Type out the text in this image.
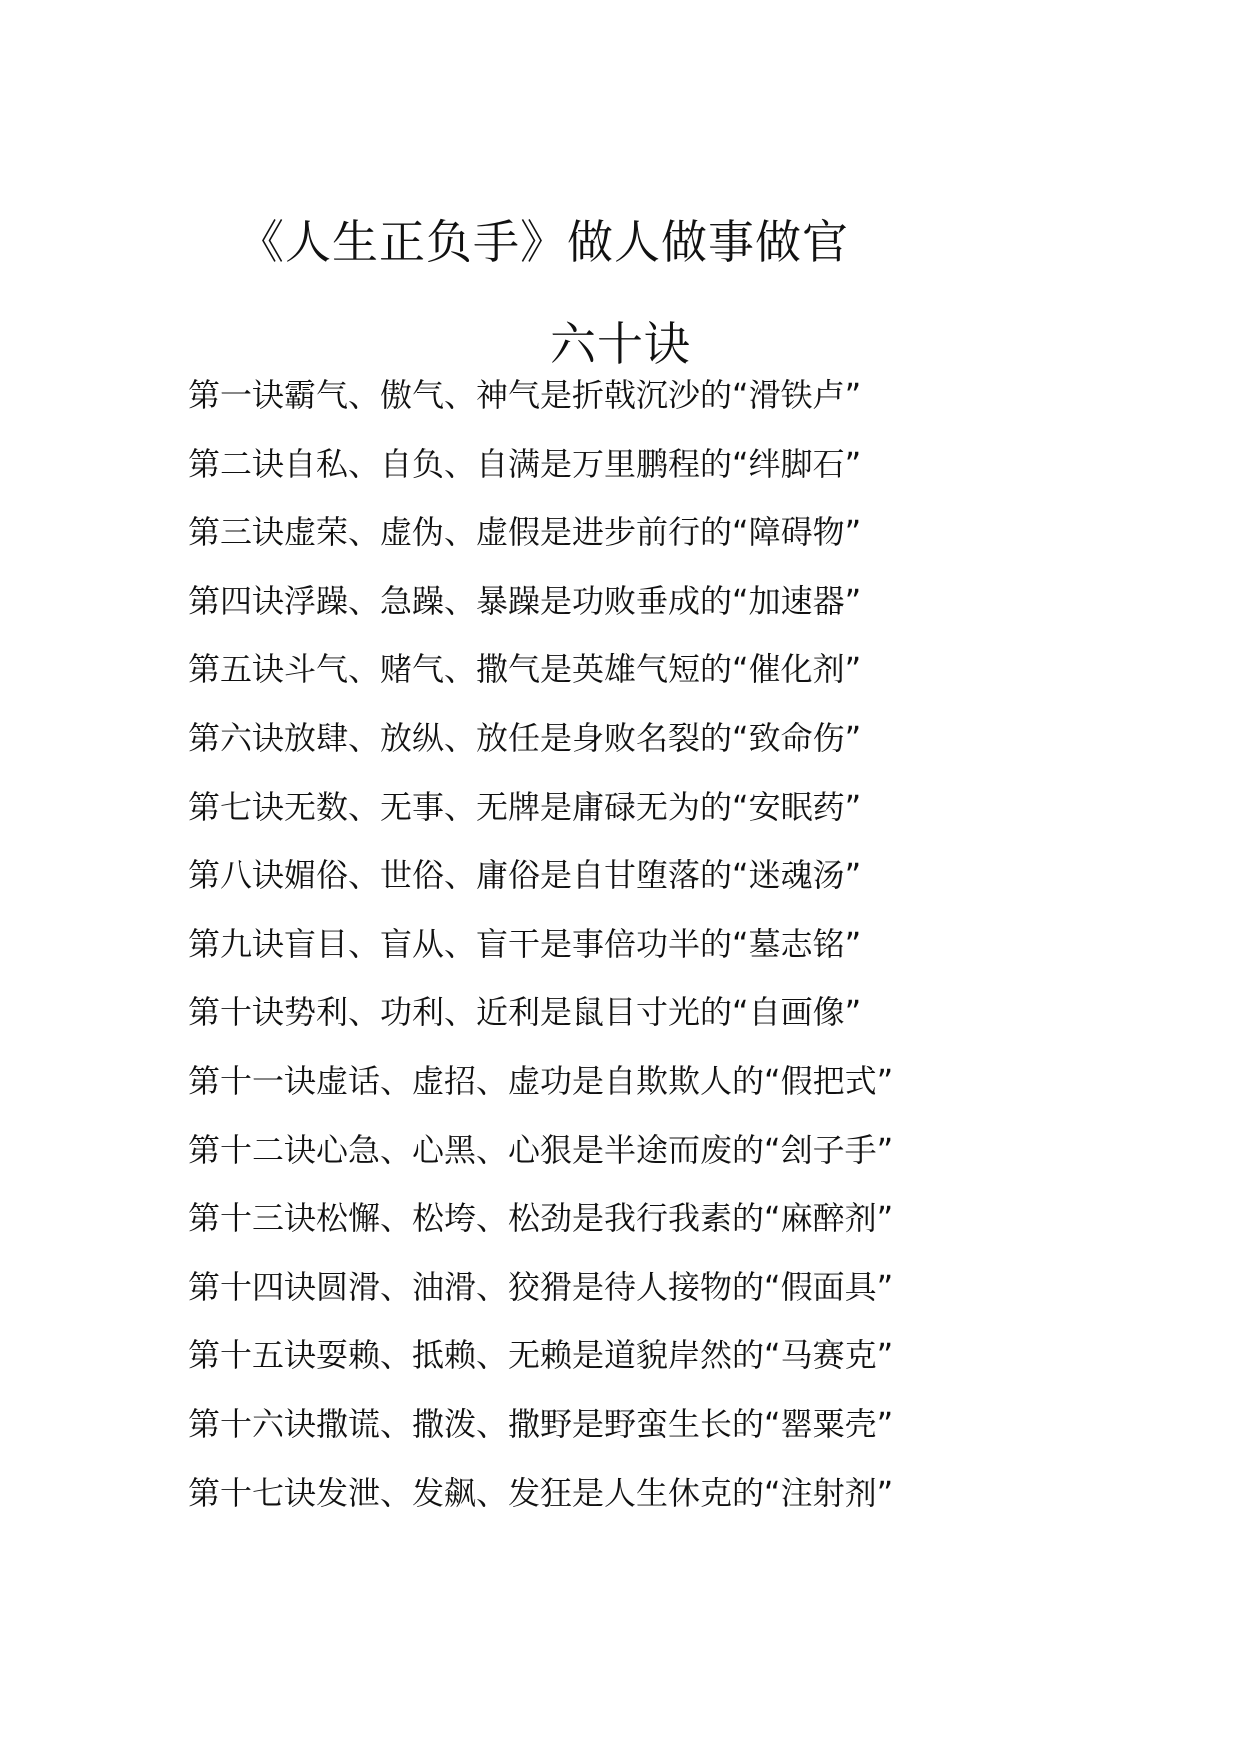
《人生正负手》做人做事做官
六十诀
第一诀霸气、傲气、神气是折戟沉沙的“滑铁卢”
第二诀自私、自负、自满是万里鹏程的“绊脚石”
第三诀虚荣、虚伪、虚假是进步前行的“障碍物”
第四诀浮躁、急躁、暴躁是功败垂成的“加速器”
第五诀斗气、赌气、撒气是英雄气短的“催化剂”
第六诀放肆、放纵、放任是身败名裂的“致命伤”
第七诀无数、无事、无牌是庸碌无为的“安眠药”
第八诀媚俗、世俗、庸俗是自甘堕落的“迷魂汤”
第九诀盲目、盲从、盲干是事倍功半的“墓志铭”
第十诀势利、功利、近利是鼠目寸光的“自画像”
第十一诀虚话、虚招、虚功是自欺欺人的“假把式”
第十二诀心急、心黑、心狠是半途而废的“刽子手”
第十三诀松懈、松垮、松劲是我行我素的“麻醉剂”
第十四诀圆滑、油滑、狡猾是待人接物的“假面具”
第十五诀耍赖、抵赖、无赖是道貌岸然的“马赛克”
第十六诀撒谎、撒泼、撒野是野蛮生长的“罂粟壳”
第十七诀发泄、发飙、发狂是人生休克的“注射剂”
